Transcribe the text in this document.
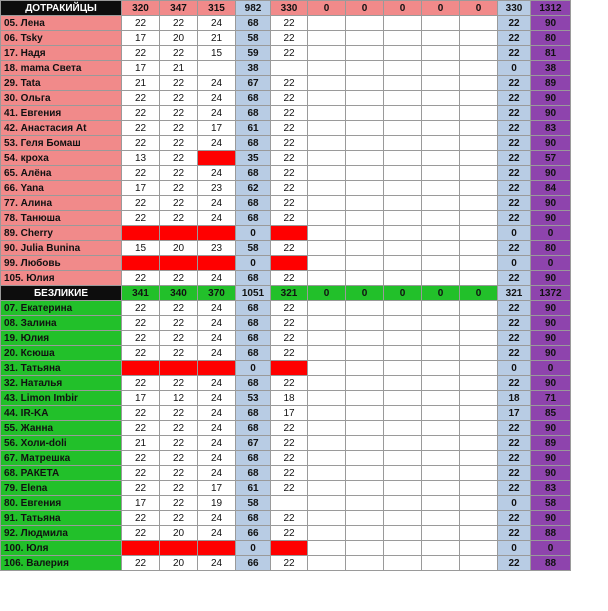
ДОТРАКИЙЦЫ	320	347	315	982	330	0	0	0	0	0	330	1312
05. Лена	22	22	24	68	22						22	90
06. Tsky	17	20	21	58	22						22	80
17. Надя	22	22	15	59	22						22	81
18. mama Света	17	21		38							0	38
29. Tata	21	22	24	67	22						22	89
30. Ольга	22	22	24	68	22						22	90
41. Евгения	22	22	24	68	22						22	90
42. Анастасия At	22	22	17	61	22						22	83
53. Геля Бомаш	22	22	24	68	22						22	90
54. кроха	13	22		35	22						22	57
65. Алёна	22	22	24	68	22						22	90
66. Yana	17	22	23	62	22						22	84
77. Алина	22	22	24	68	22						22	90
78. Танюша	22	22	24	68	22						22	90
89. Cherry				0							0	0
90. Julia Bunina	15	20	23	58	22						22	80
99. Любовь				0							0	0
105. Юлия	22	22	24	68	22						22	90
БЕЗЛИКИЕ	341	340	370	1051	321	0	0	0	0	0	321	1372
07. Екатерина	22	22	24	68	22						22	90
08. Залина	22	22	24	68	22						22	90
19. Юлия	22	22	24	68	22						22	90
20. Ксюша	22	22	24	68	22						22	90
31. Татьяна				0							0	0
32. Наталья	22	22	24	68	22						22	90
43. Limon Imbir	17	12	24	53	18						18	71
44. IR-KA	22	22	24	68	17						17	85
55. Жанна	22	22	24	68	22						22	90
56. Холи-doli	21	22	24	67	22						22	89
67. Матрешка	22	22	24	68	22						22	90
68. РАКЕТА	22	22	24	68	22						22	90
79. Elena	22	22	17	61	22						22	83
80. Евгения	17	22	19	58							0	58
91. Татьяна	22	22	24	68	22						22	90
92. Людмила	22	20	24	66	22						22	88
100. Юля				0							0	0
106. Валерия	22	20	24	66	22						22	88
